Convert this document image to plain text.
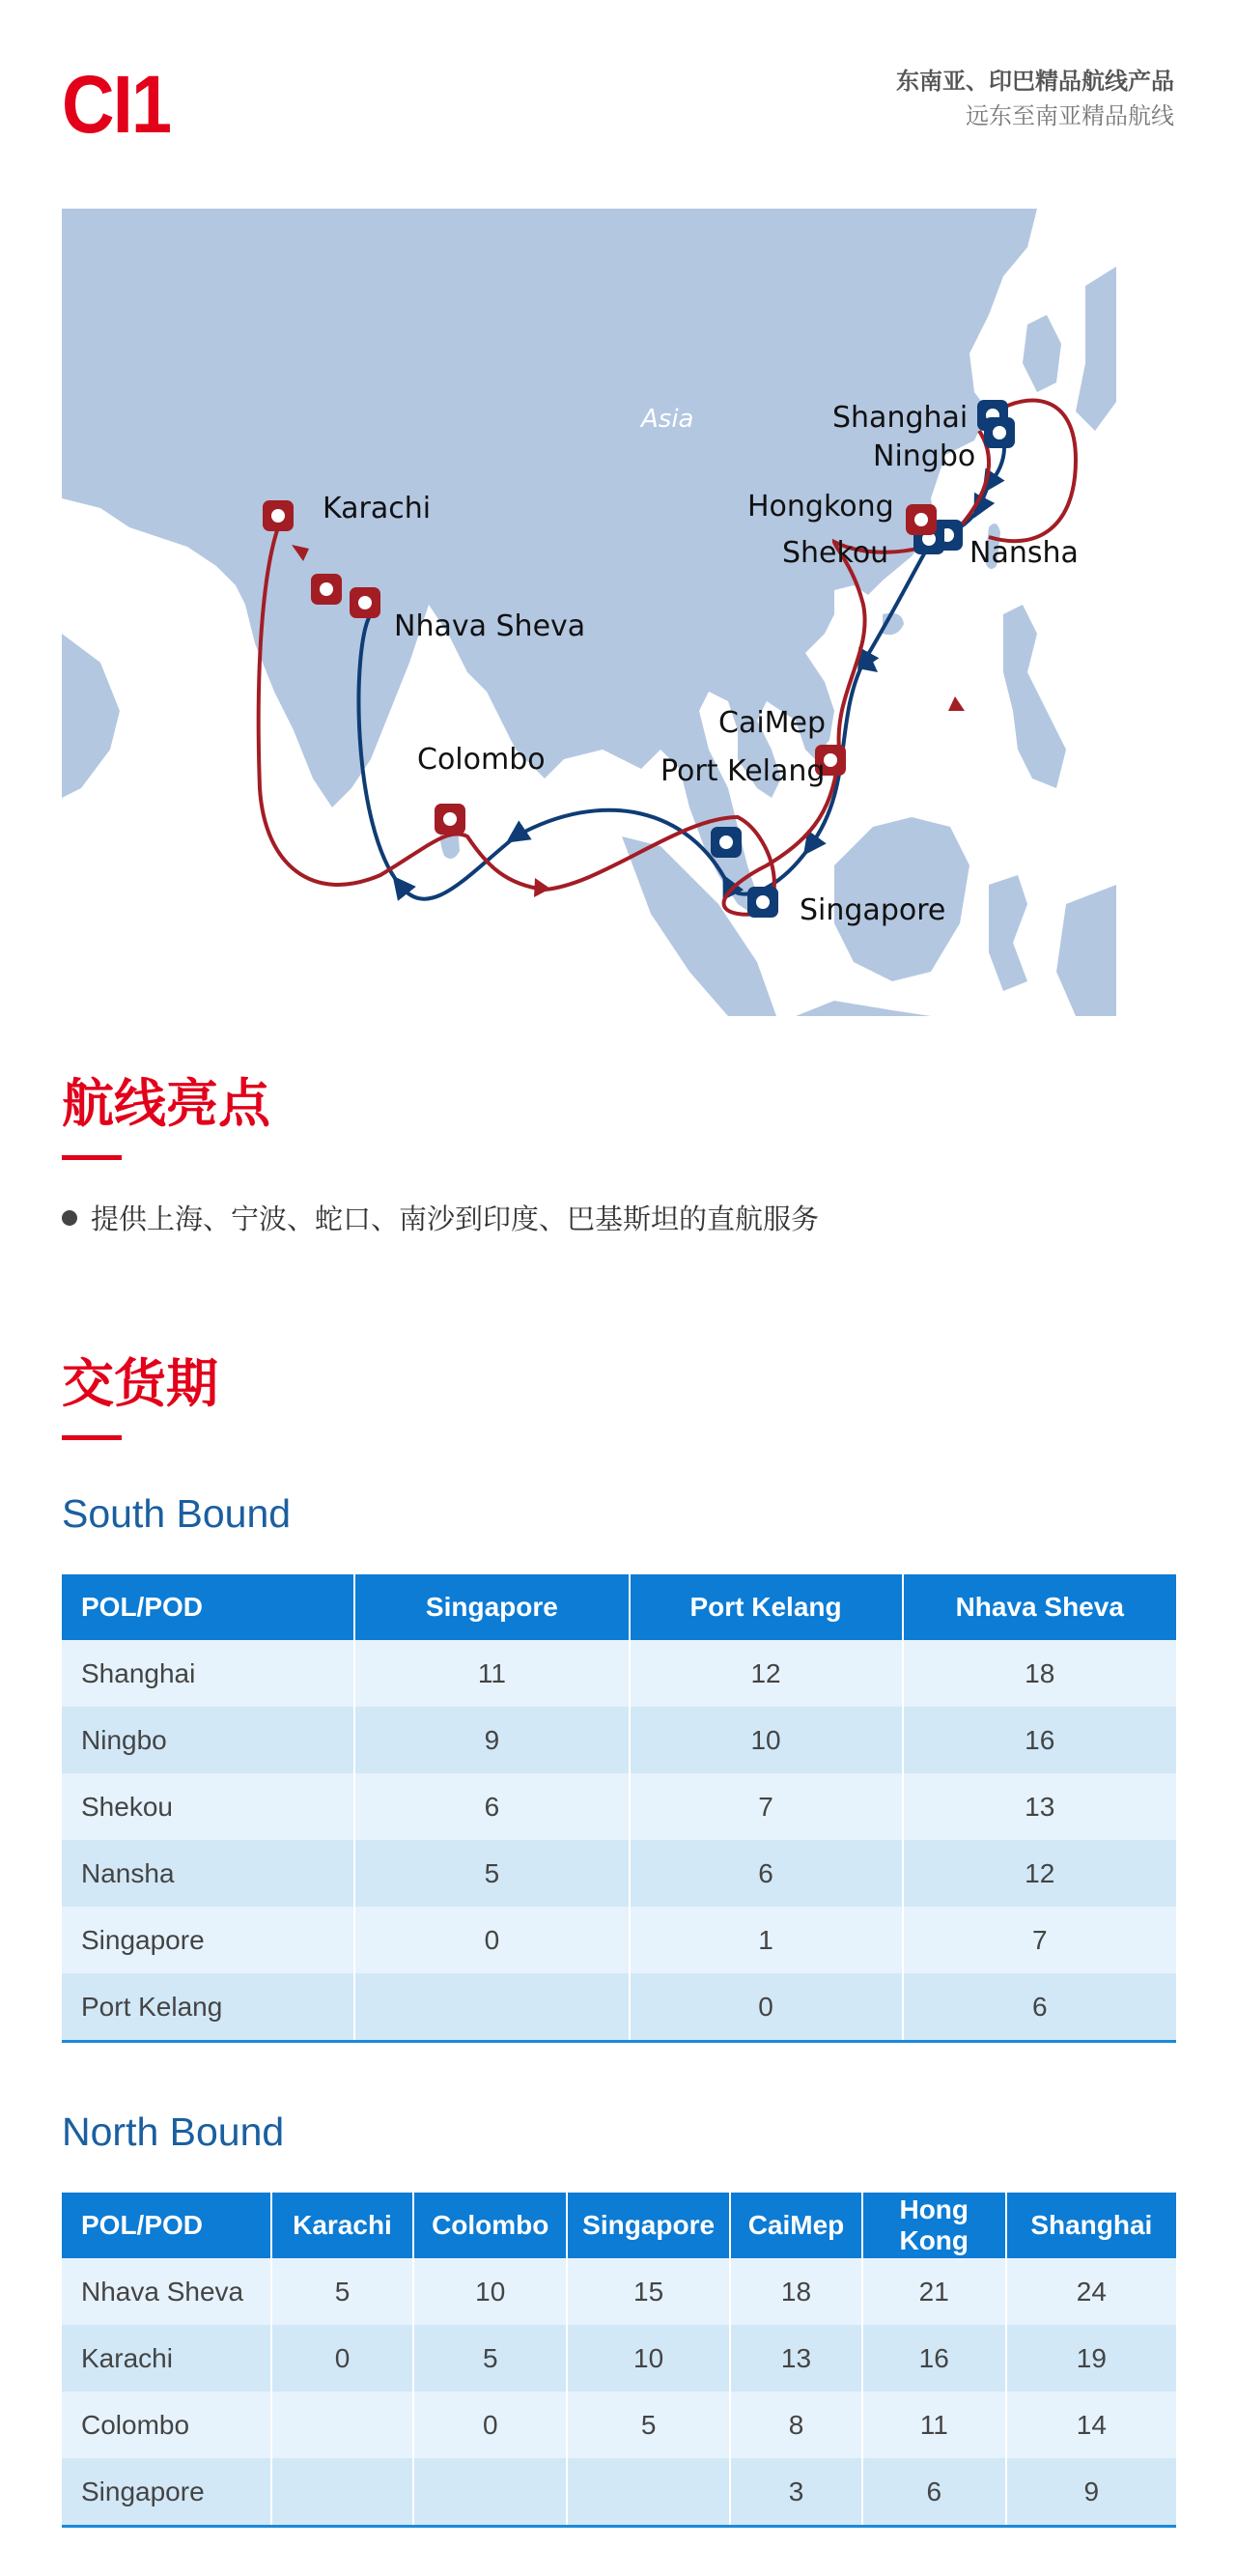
CI1	东南亚、印巴精品航线产品
远东至南亚精品航线
Asia	Shanghai
Ningbo
Hongkong
Shekou	Nansha
CaiMep
Port Kelang
Singapore
Colombo
Nhava Sheva
Karachi
航线亮点
提供上海、宁波、蛇口、南沙到印度、巴基斯坦的直航服务
交货期
South Bound
POL/POD	Singapore	Port Kelang	Nhava Sheva
Shanghai	11	12	18
Ningbo	9	10	16
Shekou	6	7	13
Nansha	5	6	12
Singapore	0	1	7
Port Kelang		0	6
North Bound
POL/POD	Karachi	Colombo	Singapore	CaiMep	Hong Kong	Shanghai
Nhava Sheva	5	10	15	18	21	24
Karachi	0	5	10	13	16	19
Colombo		0	5	8	11	14
Singapore				3	6	9
